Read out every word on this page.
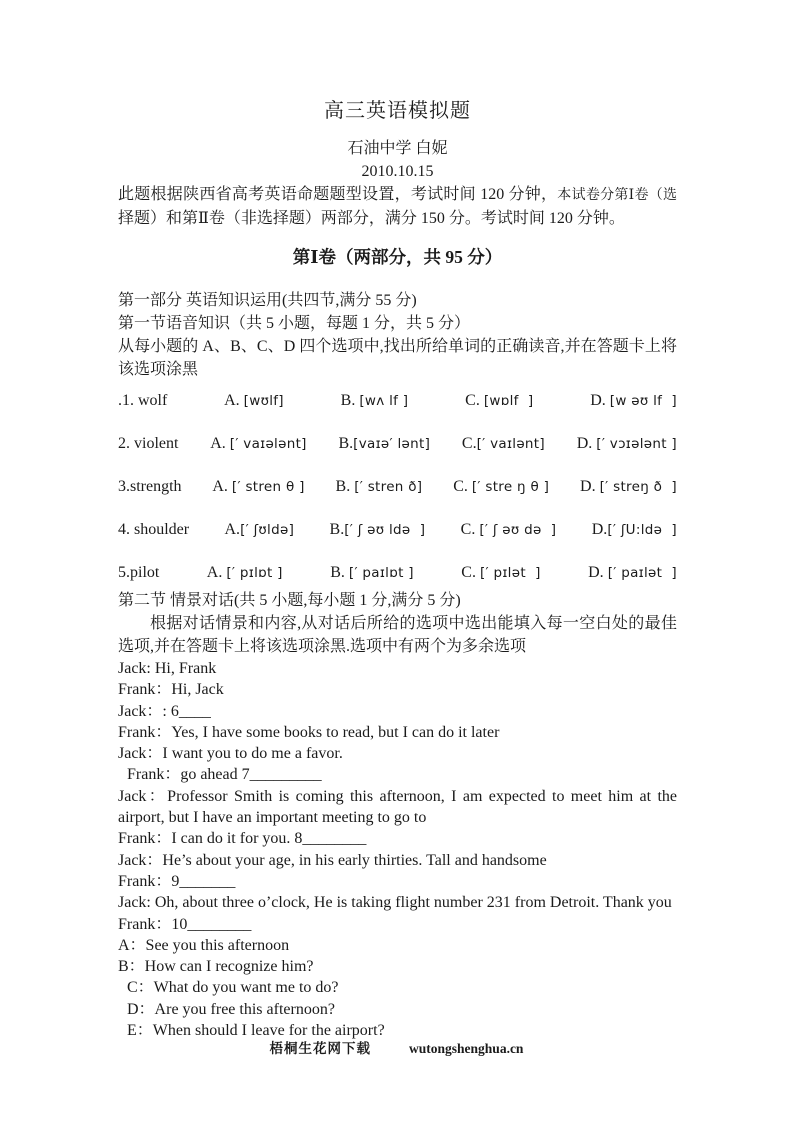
高三英语模拟题
石油中学 白妮
2010.10.15

此题根据陕西省高考英语命题题型设置，考试时间 120 分钟，本试卷分第Ⅰ卷（选择题）和第Ⅱ卷（非选择题）两部分，满分 150 分。考试时间 120 分钟。

第Ⅰ卷（两部分，共 95 分）

第一部分 英语知识运用(共四节,满分 55 分)

第一节语音知识（共 5 小题，每题 1 分，共 5 分）

从每小题的 A、B、C、D 四个选项中,找出所给单词的正确读音,并在答题卡上将该选项涂黑

.1. wolf	A. [wʊlf]	B. [wʌ lf ]	C. [wɒlf  ]	D. [w əʊ lf  ]
2. violent A. [′ vaɪələnt] B.[vaɪə′ lənt] C.[′ vaɪlənt] D. [′ vɔɪələnt ]
3.strength A. [′ stren θ ] B. [′ stren ð] C. [′ stre ŋ θ ] D. [′ streŋ ð  ]
4. shoulder A.[′ ʃʊldə] B.[′ ʃ əʊ ldə  ] C. [′ ʃ əʊ də  ] D.[′ ʃU:ldə  ]
5.pilot	A. [′ pɪlɒt ]	B. [′ paɪlɒt ]	C. [′ pɪlət  ]	D. [′ paɪlət  ]

第二节 情景对话(共 5 小题,每小题 1 分,满分 5 分)

根据对话情景和内容,从对话后所给的选项中选出能填入每一空白处的最佳选项,并在答题卡上将该选项涂黑.选项中有两个为多余选项

Jack: Hi, Frank

Frank：Hi, Jack

Jack：: 6____

Frank：Yes, I have some books to read, but I can do it later

Jack：I want you to do me a favor.

Frank：go ahead 7_________

Jack：Professor Smith is coming this afternoon, I am expected to meet him at the airport, but I have an important meeting to go to

Frank：I can do it for you. 8________

Jack：He’s about your age, in his early thirties. Tall and handsome

Frank：9_______

Jack: Oh, about three o’clock, He is taking flight number 231 from Detroit. Thank you

Frank：10________

A：See you this afternoon

B：How can I recognize him?

C：What do you want me to do?

D：Are you free this afternoon?

E：When should I leave for the airport?

梧桐生花网下载	wutongshenghua.cn
